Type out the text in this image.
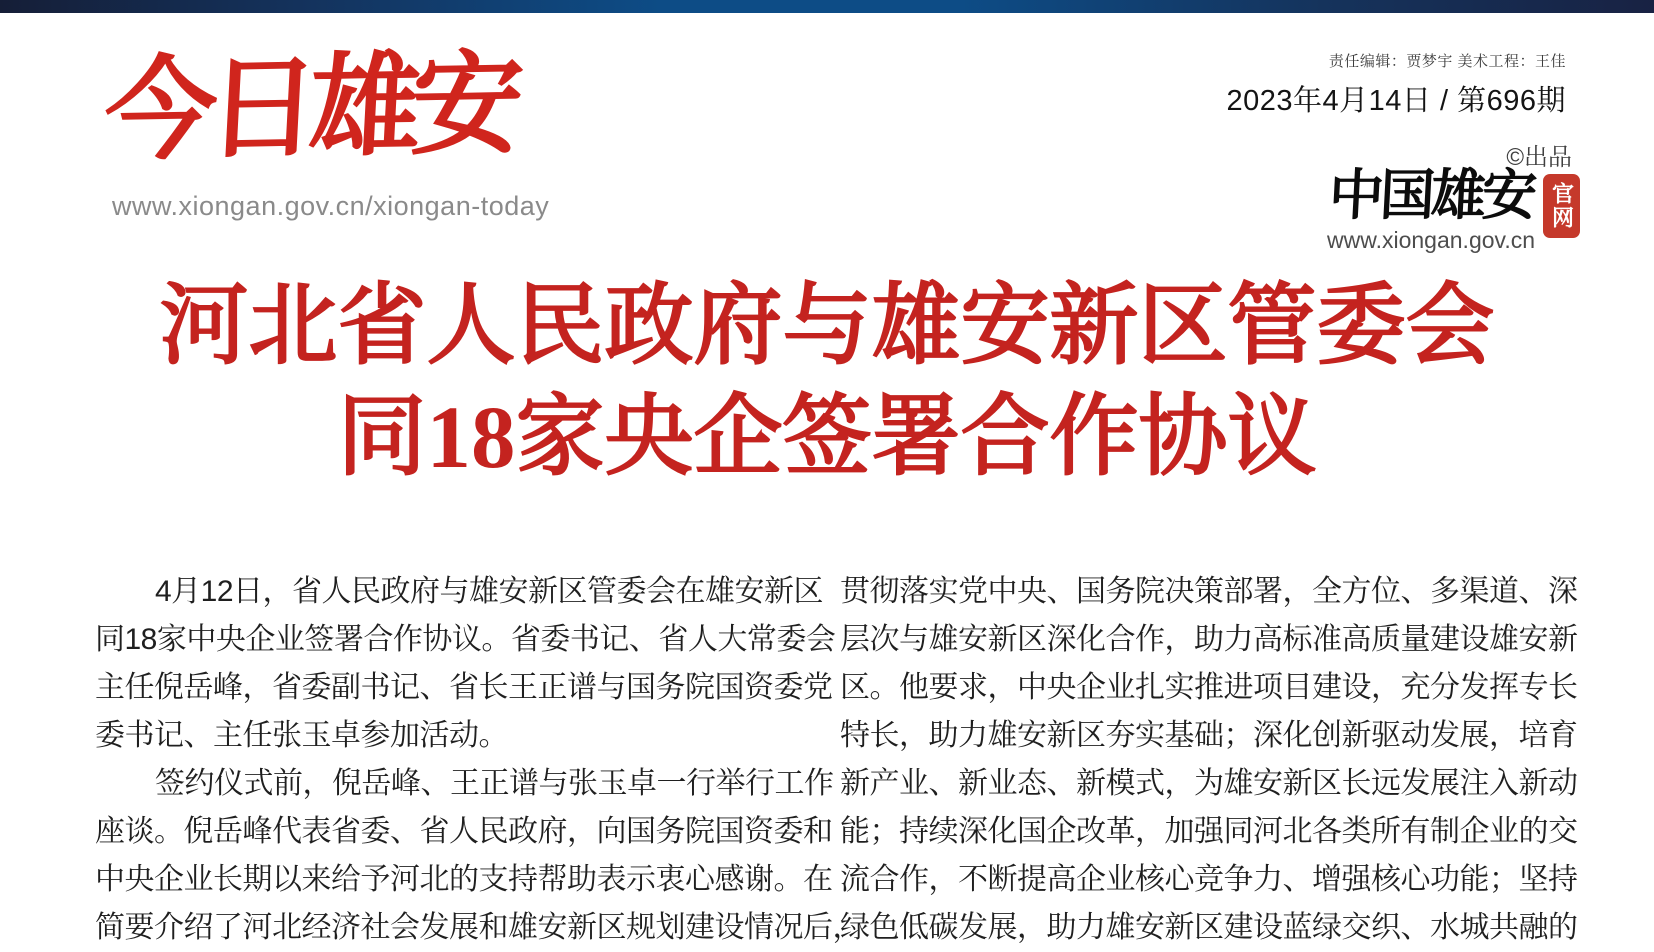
今日雄安
www.xiongan.gov.cn/xiongan-today
责任编辑：贾梦宇 美术工程：王佳
2023年4月14日 / 第696期
©出品
中国雄安
www.xiongan.gov.cn
官网
河北省人民政府与雄安新区管委会
同18家央企签署合作协议
4月12日，省人民政府与雄安新区管委会在雄安新区
同18家中央企业签署合作协议。省委书记、省人大常委会
主任倪岳峰，省委副书记、省长王正谱与国务院国资委党
委书记、主任张玉卓参加活动。
签约仪式前，倪岳峰、王正谱与张玉卓一行举行工作
座谈。倪岳峰代表省委、省人民政府，向国务院国资委和
中央企业长期以来给予河北的支持帮助表示衷心感谢。在
简要介绍了河北经济社会发展和雄安新区规划建设情况后，
贯彻落实党中央、国务院决策部署，全方位、多渠道、深
层次与雄安新区深化合作，助力高标准高质量建设雄安新
区。他要求，中央企业扎实推进项目建设，充分发挥专长
特长，助力雄安新区夯实基础；深化创新驱动发展，培育
新产业、新业态、新模式，为雄安新区长远发展注入新动
能；持续深化国企改革，加强同河北各类所有制企业的交
流合作，不断提高企业核心竞争力、增强核心功能；坚持
绿色低碳发展，助力雄安新区建设蓝绿交织、水城共融的
